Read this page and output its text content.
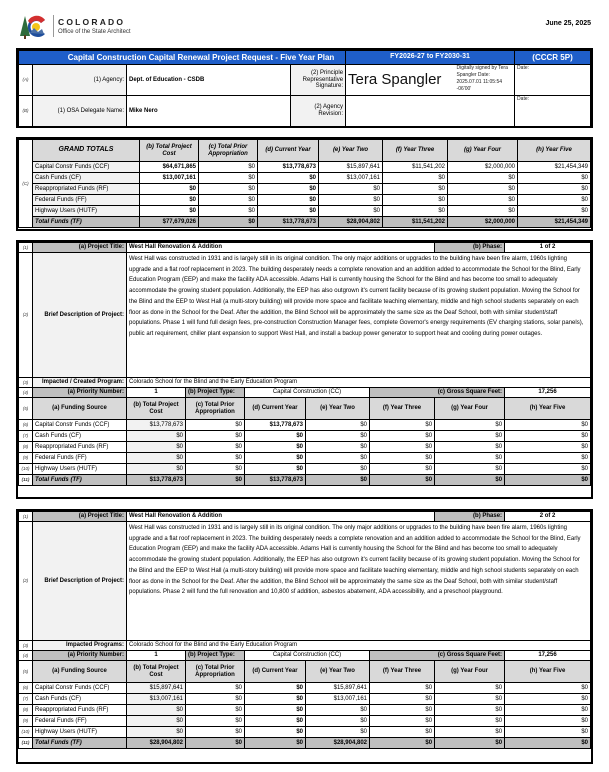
COLORADO
Office of the State Architect
June 25, 2025
Capital Construction Capital Renewal Project Request - Five Year Plan				FY2026-27 to FY2030-31		(CCCR 5P)
(A)	(1) Agency:	Dept. of Education - CSDB	(2) Principle Representative Signature:	Tera Spangler	Digitally signed by Tera Spangler Date: 2025.07.01 11:05:54 -06'00'	Date:
(B)	(1) OSA Delegate Name:	Mike Nero	(2) Agency Revision:			Date:
(C)	GRAND TOTALS	(b) Total Project Cost	(c) Total Prior Appropriation	(d) Current Year	(e) Year Two	(f) Year Three	(g) Year Four	(h) Year Five
	Capital Constr Funds (CCF)	$64,671,865	$0	$13,778,673	$15,897,641	$11,541,202	$2,000,000	$21,454,349
	Cash Funds (CF)	$13,007,161	$0	$0	$13,007,161	$0	$0	$0
	Reappropriated Funds (RF)	$0	$0	$0	$0	$0	$0	$0
	Federal Funds (FF)	$0	$0	$0	$0	$0	$0	$0
	Highway Users (HUTF)	$0	$0	$0	$0	$0	$0	$0
	Total Funds (TF)	$77,679,026	$0	$13,778,673	$28,904,802	$11,541,202	$2,000,000	$21,454,349
(1)	(a) Project Title:	West Hall Renovation & Addition					(b) Phase:	1 of 2
(2)	Brief Description of Project:	West Hall was constructed in 1931 and is largely still in its original condition. The only major additions or upgrades to the building have been fire alarm, 1960s lighting upgrade and a flat roof replacement in 2023. The building desperately needs a complete renovation and an addition added to accommodate the School for the Blind, Early Education Program (EEP) and make the facility ADA accessible. Adams Hall is currently housing the School for the Blind and has become too small to adequately accommodate the growing student population. Additionally, the EEP has also outgrown it's current facility because of its growing student population. Moving the School for the Blind and the EEP to West Hall (a multi-story building) will provide more space and facilitate teaching elementary, middle and high school students separately on each floor as done in the School for the Deaf. After the addition, the Blind School will be approximately the same size as the Deaf School, both with similar student/staff populations. Phase 1 will fund full design fees, pre-construction Construction Manager fees, complete Governor's energy requirements (EV charging stations, solar panels), public art requirement, chiller plant expansion to support West Hall, and install a backup power generator to support heat and cooling during power outages.						
(3)	Impacted / Created Program:	Colorado School for the Blind and the Early Education Program						
(4)	(a) Priority Number:	1	(b) Project Type:	Capital Construction (CC)		(c) Gross Square Feet:		17,256
(5)	(a) Funding Source	(b) Total Project Cost	(c) Total Prior Appropriation	(d) Current Year	(e) Year Two	(f) Year Three	(g) Year Four	(h) Year Five
(6)	Capital Constr Funds (CCF)	$13,778,673	$0	$13,778,673	$0	$0	$0	$0
(7)	Cash Funds (CF)	$0	$0	$0	$0	$0	$0	$0
(8)	Reappropriated Funds (RF)	$0	$0	$0	$0	$0	$0	$0
(9)	Federal Funds (FF)	$0	$0	$0	$0	$0	$0	$0
(10)	Highway Users (HUTF)	$0	$0	$0	$0	$0	$0	$0
(11)	Total Funds (TF)	$13,778,673	$0	$13,778,673	$0	$0	$0	$0
(1)	(a) Project Title:	West Hall Renovation & Addition					(b) Phase:	2 of 2
(2)	Brief Description of Project:	West Hall was constructed in 1931 and is largely still in its original condition. The only major additions or upgrades to the building have been fire alarm, 1960s lighting upgrade and a flat roof replacement in 2023. The building desperately needs a complete renovation and an addition added to accommodate the School for the Blind, Early Education Program (EEP) and make the facility ADA accessible. Adams Hall is currently housing the School for the Blind and has become too small to adequately accommodate the growing student population. Additionally, the EEP has also outgrown it's current facility because of its growing student population. Moving the School for the Blind and the EEP to West Hall (a multi-story building) will provide more space and facilitate teaching elementary, middle and high school students separately on each floor as done in the School for the Deaf. After the addition, the Blind School will be approximately the same size as the Deaf School, both with similar student/staff populations. Phase 2 will fund the full renovation and 10,800 sf addition, asbestos abatement, ADA accessibility, and a preschool playground.						
(3)	Impacted Programs:	Colorado School for the Blind and the Early Education Program						
(4)	(a) Priority Number:	1	(b) Project Type:	Capital Construction (CC)		(c) Gross Square Feet:		17,256
(5)	(a) Funding Source	(b) Total Project Cost	(c) Total Prior Appropriation	(d) Current Year	(e) Year Two	(f) Year Three	(g) Year Four	(h) Year Five
(6)	Capital Constr Funds (CCF)	$15,897,641	$0	$0	$15,897,641	$0	$0	$0
(7)	Cash Funds (CF)	$13,007,161	$0	$0	$13,007,161	$0	$0	$0
(8)	Reappropriated Funds (RF)	$0	$0	$0	$0	$0	$0	$0
(9)	Federal Funds (FF)	$0	$0	$0	$0	$0	$0	$0
(10)	Highway Users (HUTF)	$0	$0	$0	$0	$0	$0	$0
(11)	Total Funds (TF)	$28,904,802	$0	$0	$28,904,802	$0	$0	$0
